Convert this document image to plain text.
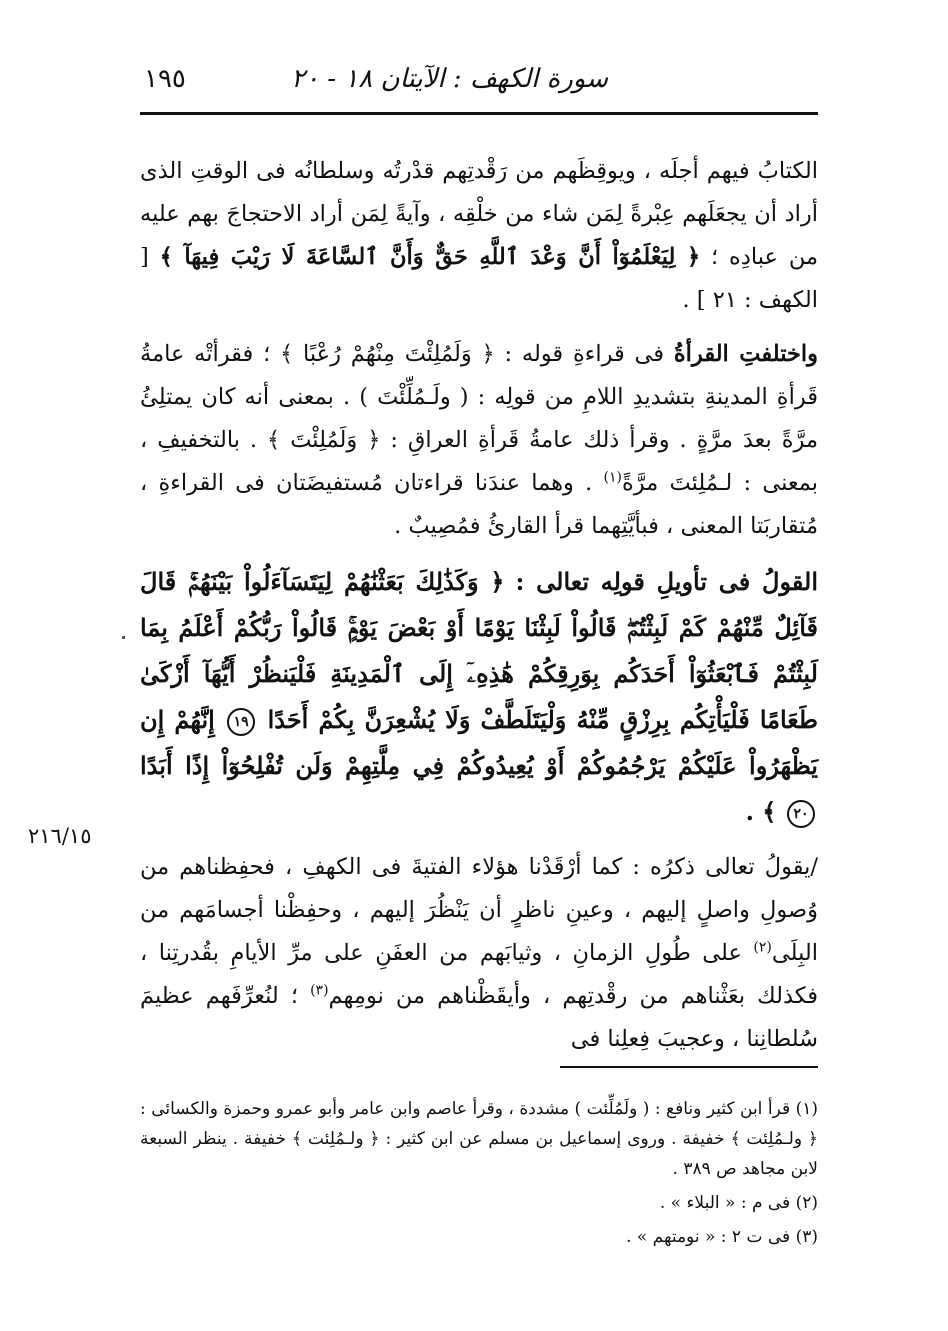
سورة الكهف : الآيتان ١٨ - ٢٠
١٩٥

الكتابُ فيهم أجلَه ، ويوقِظَهم من رَقْدتِهم قدْرتُه وسلطانُه فى الوقتِ الذى أراد أن يجعَلَهم عِبْرةً لِمَن شاء من خلْقِه ، وآيةً لِمَن أراد الاحتجاجَ بهم عليه من عبادِه ؛ ﴿ لِيَعْلَمُوٓاْ أَنَّ وَعْدَ ٱللَّهِ حَقٌّ وَأَنَّ ٱلسَّاعَةَ لَا رَيْبَ فِيهَآ ﴾ [ الكهف : ٢١ ] .

واختلفتِ القرأةُ فى قراءةِ قوله : ﴿ وَلَمُلِئْتَ مِنْهُمْ رُعْبًا ﴾ ؛ فقرأتْه عامةُ قَرأةِ المدينةِ بتشديدِ اللامِ من قولِه : ( ولَـمُلِّئْتَ ) . بمعنى أنه كان يمتلِئُ مرَّةً بعدَ مرَّةٍ . وقرأ ذلك عامةُ قَرأةِ العراقِ : ﴿ وَلَمُلِئْتَ ﴾ . بالتخفيفِ ، بمعنى : لـمُلِئتَ مرَّةً$^{(١)}$ . وهما عندَنا قراءتان مُستفيضَتان فى القراءةِ ، مُتقاربَتا المعنى ، فبأيَّتِهما قرأ القارئُ فمُصِيبٌ .

القولُ فى تأويلِ قولِه تعالى : ﴿ وَكَذَٰلِكَ بَعَثْنَٰهُمْ لِيَتَسَآءَلُواْ بَيْنَهُمْۚ قَالَ قَآئِلٌ مِّنْهُمْ كَمْ لَبِثْتُمْۖ قَالُواْ لَبِثْنَا يَوْمًا أَوْ بَعْضَ يَوْمٍۚ قَالُواْ رَبُّكُمْ أَعْلَمُ بِمَا لَبِثْتُمْ فَٱبْعَثُوٓاْ أَحَدَكُم بِوَرِقِكُمْ هَٰذِهِۦٓ إِلَى ٱلْمَدِينَةِ فَلْيَنظُرْ أَيُّهَآ أَزْكَىٰ طَعَامًا فَلْيَأْتِكُم بِرِزْقٍ مِّنْهُ وَلْيَتَلَطَّفْ وَلَا يُشْعِرَنَّ بِكُمْ أَحَدًا ١٩ إِنَّهُمْ إِن يَظْهَرُواْ عَلَيْكُمْ يَرْجُمُوكُمْ أَوْ يُعِيدُوكُمْ فِي مِلَّتِهِمْ وَلَن تُفْلِحُوٓاْ إِذًا أَبَدًا ٢٠ ﴾ .

/يقولُ تعالى ذكرُه : كما أرْقَدْنا هؤلاء الفتيةَ فى الكهفِ ، فحفِظناهم من وُصولِ واصلٍ إليهم ، وعينِ ناظرٍ أن يَنْظُرَ إليهم ، وحفِظْنا أجسامَهم من البِلَى$^{(٢)}$ على طُولِ الزمانِ ، وثيابَهم من العفَنِ على مرِّ الأيامِ بقُدرتِنا ، فكذلك بعَثْناهم من رقْدتِهم ، وأيقَظْناهم من نومِهم$^{(٣)}$ ؛ لنُعرِّفَهم عظيمَ سُلطانِنا ، وعجيبَ فِعلِنا فى

٢١٦/١٥

(١) قرأ ابن كثير ونافع : ( ولَمُلِّئت ) مشددة ، وقرأ عاصم وابن عامر وأبو عمرو وحمزة والكسائى : ﴿ ولـمُلِئت ﴾ خفيفة . وروى إسماعيل بن مسلم عن ابن كثير : ﴿ ولـمُلِئت ﴾ خفيفة . ينظر السبعة لابن مجاهد ص ٣٨٩ .

(٢) فى م : « البلاء » .

(٣) فى ت ٢ : « نومتهم » .
